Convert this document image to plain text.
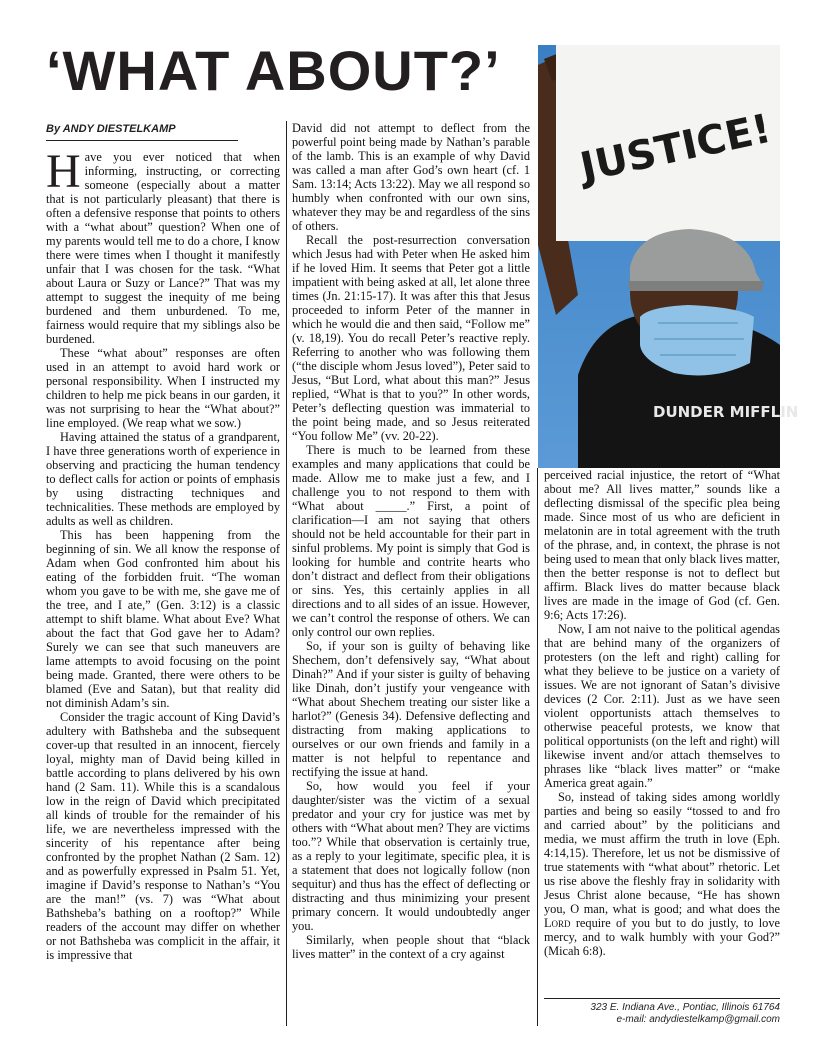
‘WHAT ABOUT?’
By ANDY DIESTELKAMP

Have you ever noticed that when informing, instructing, or correcting someone (especially about a matter that is not particularly pleasant) that there is often a defensive response that points to others with a “what about” question? When one of my parents would tell me to do a chore, I know there were times when I thought it manifestly unfair that I was chosen for the task. “What about Laura or Suzy or Lance?” That was my attempt to suggest the inequity of me being burdened and them unburdened. To me, fairness would require that my siblings also be burdened.

These “what about” responses are often used in an attempt to avoid hard work or personal responsibility. When I instructed my children to help me pick beans in our garden, it was not surprising to hear the “What about?” line employed. (We reap what we sow.)

Having attained the status of a grandparent, I have three generations worth of experience in observing and practicing the human tendency to deflect calls for action or points of emphasis by using distracting techniques and technicalities. These methods are employed by adults as well as children.

This has been happening from the beginning of sin. We all know the response of Adam when God confronted him about his eating of the forbidden fruit. “The woman whom you gave to be with me, she gave me of the tree, and I ate,” (Gen. 3:12) is a classic attempt to shift blame. What about Eve? What about the fact that God gave her to Adam? Surely we can see that such maneuvers are lame attempts to avoid focusing on the point being made. Granted, there were others to be blamed (Eve and Satan), but that reality did not diminish Adam’s sin.

Consider the tragic account of King David’s adultery with Bathsheba and the subsequent cover-up that resulted in an innocent, fiercely loyal, mighty man of David being killed in battle according to plans delivered by his own hand (2 Sam. 11). While this is a scandalous low in the reign of David which precipitated all kinds of trouble for the remainder of his life, we are nevertheless impressed with the sincerity of his repentance after being confronted by the prophet Nathan (2 Sam. 12) and as powerfully expressed in Psalm 51. Yet, imagine if David’s response to Nathan’s “You are the man!” (vs. 7) was “What about Bathsheba’s bathing on a rooftop?” While readers of the account may differ on whether or not Bathsheba was complicit in the affair, it is impressive that

David did not attempt to deflect from the powerful point being made by Nathan’s parable of the lamb. This is an example of why David was called a man after God’s own heart (cf. 1 Sam. 13:14; Acts 13:22). May we all respond so humbly when confronted with our own sins, whatever they may be and regardless of the sins of others.

Recall the post-resurrection conversation which Jesus had with Peter when He asked him if he loved Him. It seems that Peter got a little impatient with being asked at all, let alone three times (Jn. 21:15-17). It was after this that Jesus proceeded to inform Peter of the manner in which he would die and then said, “Follow me” (v. 18,19). You do recall Peter’s reactive reply. Referring to another who was following them (“the disciple whom Jesus loved”), Peter said to Jesus, “But Lord, what about this man?” Jesus replied, “What is that to you?” In other words, Peter’s deflecting question was immaterial to the point being made, and so Jesus reiterated “You follow Me” (vv. 20-22).

There is much to be learned from these examples and many applications that could be made. Allow me to make just a few, and I challenge you to not respond to them with “What about _____.” First, a point of clarification—I am not saying that others should not be held accountable for their part in sinful problems. My point is simply that God is looking for humble and contrite hearts who don’t distract and deflect from their obligations or sins. Yes, this certainly applies in all directions and to all sides of an issue. However, we can’t control the response of others. We can only control our own replies.

So, if your son is guilty of behaving like Shechem, don’t defensively say, “What about Dinah?” And if your sister is guilty of behaving like Dinah, don’t justify your vengeance with “What about Shechem treating our sister like a harlot?” (Genesis 34). Defensive deflecting and distracting from making applications to ourselves or our own friends and family in a matter is not helpful to repentance and rectifying the issue at hand.

So, how would you feel if your daughter/sister was the victim of a sexual predator and your cry for justice was met by others with “What about men? They are victims too.”? While that observation is certainly true, as a reply to your legitimate, specific plea, it is a statement that does not logically follow (non sequitur) and thus has the effect of deflecting or distracting and thus minimizing your present primary concern. It would undoubtedly anger you.

Similarly, when people shout that “black lives matter” in the context of a cry against

JUSTICE!
DUNDER MIFFLIN

perceived racial injustice, the retort of “What about me? All lives matter,” sounds like a deflecting dismissal of the specific plea being made. Since most of us who are deficient in melatonin are in total agreement with the truth of the phrase, and, in context, the phrase is not being used to mean that only black lives matter, then the better response is not to deflect but affirm. Black lives do matter because black lives are made in the image of God (cf. Gen. 9:6; Acts 17:26).

Now, I am not naive to the political agendas that are behind many of the organizers of protesters (on the left and right) calling for what they believe to be justice on a variety of issues. We are not ignorant of Satan’s divisive devices (2 Cor. 2:11). Just as we have seen violent opportunists attach themselves to otherwise peaceful protests, we know that political opportunists (on the left and right) will likewise invent and/or attach themselves to phrases like “black lives matter” or “make America great again.”

So, instead of taking sides among worldly parties and being so easily “tossed to and fro and carried about” by the politicians and media, we must affirm the truth in love (Eph. 4:14,15). Therefore, let us not be dismissive of true statements with “what about” rhetoric. Let us rise above the fleshly fray in solidarity with Jesus Christ alone because, “He has shown you, O man, what is good; and what does the Lord require of you but to do justly, to love mercy, and to walk humbly with your God?” (Micah 6:8).

323 E. Indiana Ave., Pontiac, Illinois 61764
e-mail: andydiestelkamp@gmail.com
